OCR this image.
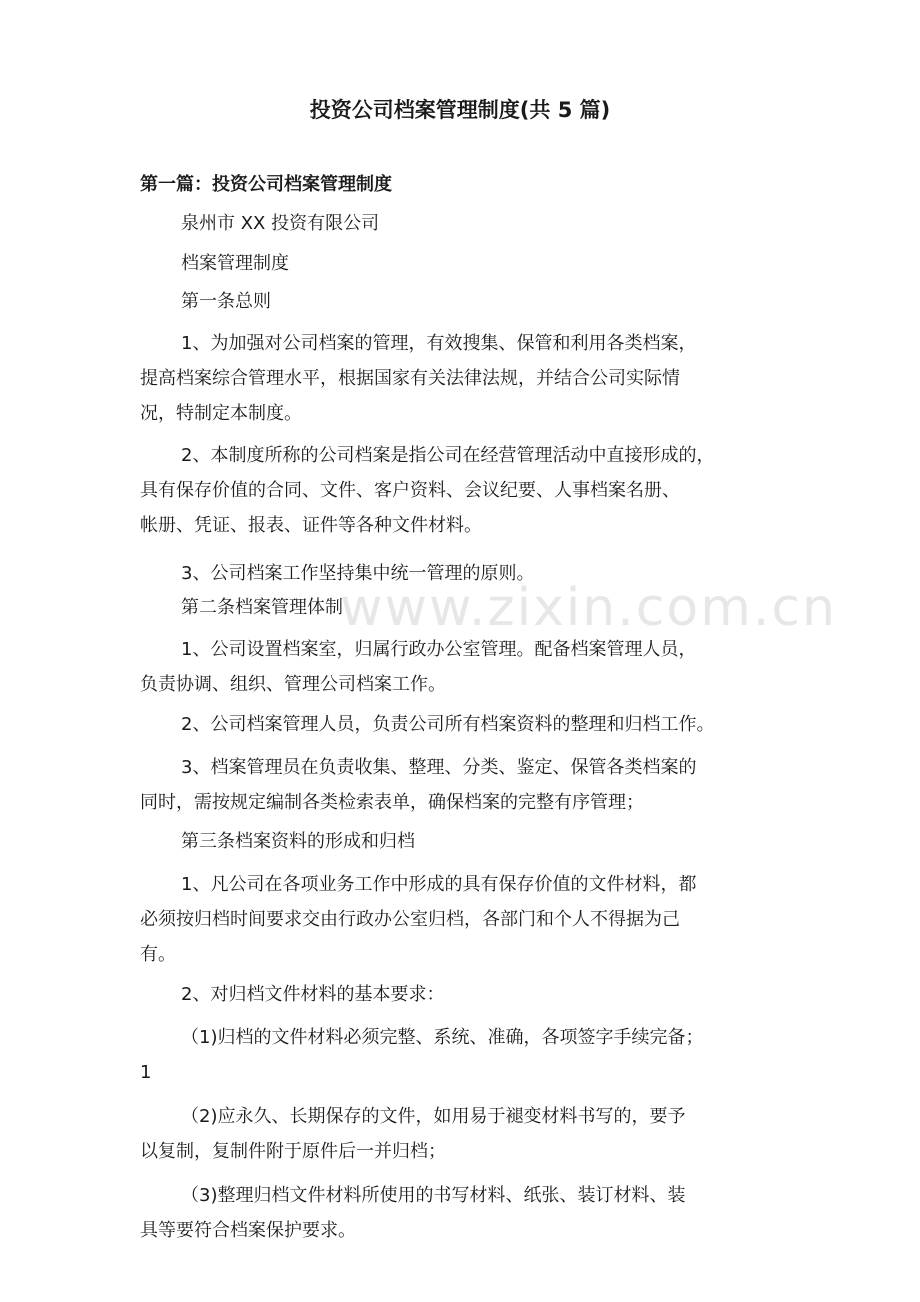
www.zixin.com.cn

投资公司档案管理制度(共 5 篇)
第一篇：投资公司档案管理制度

泉州市 XX 投资有限公司

档案管理制度

第一条总则

1、为加强对公司档案的管理，有效搜集、保管和利用各类档案，
提高档案综合管理水平，根据国家有关法律法规，并结合公司实际情
况，特制定本制度。

2、本制度所称的公司档案是指公司在经营管理活动中直接形成的，
具有保存价值的合同、文件、客户资料、会议纪要、人事档案名册、
帐册、凭证、报表、证件等各种文件材料。

3、公司档案工作坚持集中统一管理的原则。

第二条档案管理体制

1、公司设置档案室，归属行政办公室管理。配备档案管理人员，
负责协调、组织、管理公司档案工作。

2、公司档案管理人员，负责公司所有档案资料的整理和归档工作。

3、档案管理员在负责收集、整理、分类、鉴定、保管各类档案的
同时，需按规定编制各类检索表单，确保档案的完整有序管理；

第三条档案资料的形成和归档

1、凡公司在各项业务工作中形成的具有保存价值的文件材料，都
必须按归档时间要求交由行政办公室归档，各部门和个人不得据为己
有。

2、对归档文件材料的基本要求：

（1)归档的文件材料必须完整、系统、准确，各项签字手续完备；
1

（2)应永久、长期保存的文件，如用易于褪变材料书写的，要予
以复制，复制件附于原件后一并归档；

（3)整理归档文件材料所使用的书写材料、纸张、装订材料、装
具等要符合档案保护要求。
